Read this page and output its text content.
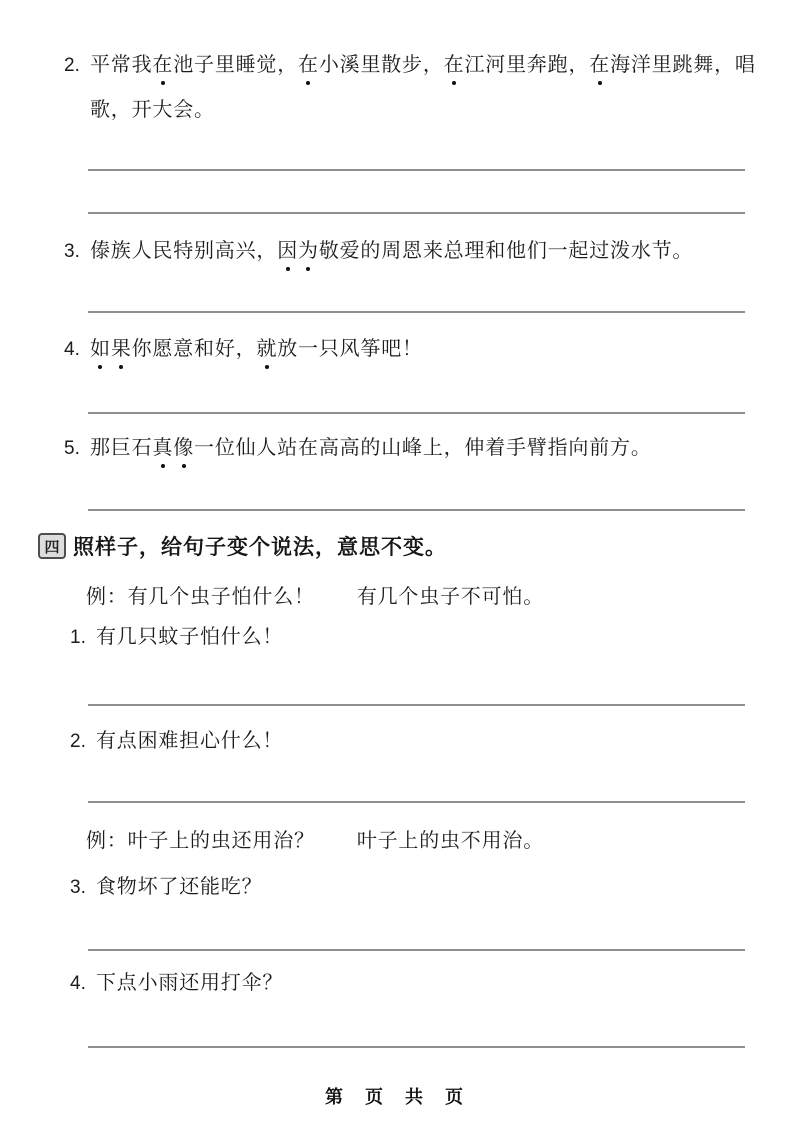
2. 平常我在池子里睡觉，在小溪里散步，在江河里奔跑，在海洋里跳舞，唱
歌，开大会。
3. 傣族人民特别高兴，因为敬爱的周恩来总理和他们一起过泼水节。
4. 如果你愿意和好，就放一只风筝吧！
5. 那巨石真像一位仙人站在高高的山峰上，伸着手臂指向前方。
四 照样子，给句子变个说法，意思不变。
例：有几个虫子怕什么！ 有几个虫子不可怕。
1. 有几只蚊子怕什么！
2. 有点困难担心什么！
例：叶子上的虫还用治？ 叶子上的虫不用治。
3. 食物坏了还能吃？
4. 下点小雨还用打伞？
第 页 共 页
